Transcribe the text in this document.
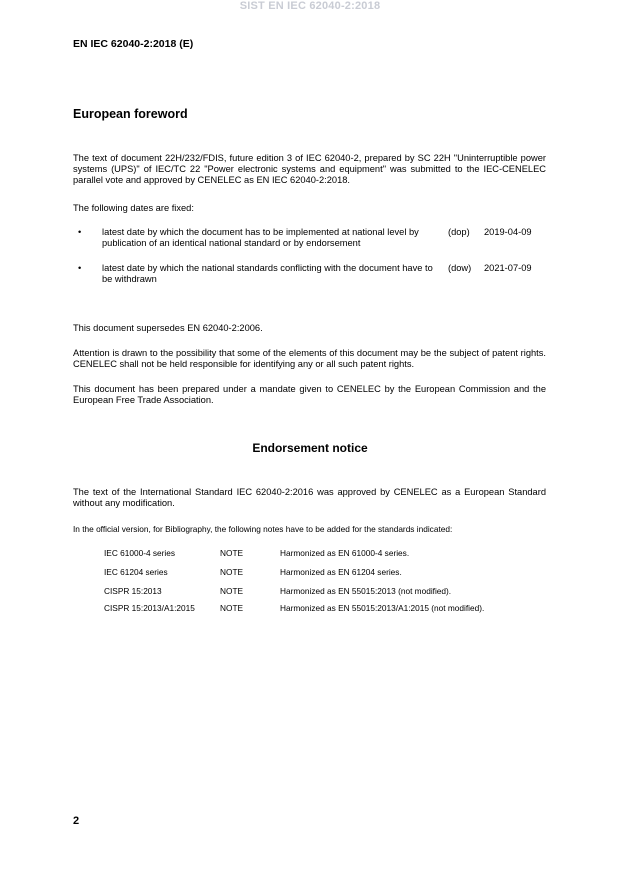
SIST EN IEC 62040-2:2018
EN IEC 62040-2:2018 (E)
European foreword
The text of document 22H/232/FDIS, future edition 3 of IEC 62040-2, prepared by SC 22H "Uninterruptible power systems (UPS)" of IEC/TC 22 "Power electronic systems and equipment" was submitted to the IEC-CENELEC parallel vote and approved by CENELEC as EN IEC 62040-2:2018.
The following dates are fixed:
• latest date by which the document has to be implemented at national level by publication of an identical national standard or by endorsement
(dop) 2019-04-09
• latest date by which the national standards conflicting with the document have to be withdrawn
(dow) 2021-07-09
This document supersedes EN 62040-2:2006.
Attention is drawn to the possibility that some of the elements of this document may be the subject of patent rights. CENELEC shall not be held responsible for identifying any or all such patent rights.
This document has been prepared under a mandate given to CENELEC by the European Commission and the European Free Trade Association.
Endorsement notice
The text of the International Standard IEC 62040-2:2016 was approved by CENELEC as a European Standard without any modification.
In the official version, for Bibliography, the following notes have to be added for the standards indicated:
IEC 61000-4 series	NOTE	Harmonized as EN 61000-4 series.
IEC 61204 series	NOTE	Harmonized as EN 61204 series.
CISPR 15:2013	NOTE	Harmonized as EN 55015:2013 (not modified).
CISPR 15:2013/A1:2015	NOTE	Harmonized as EN 55015:2013/A1:2015 (not modified).
2
